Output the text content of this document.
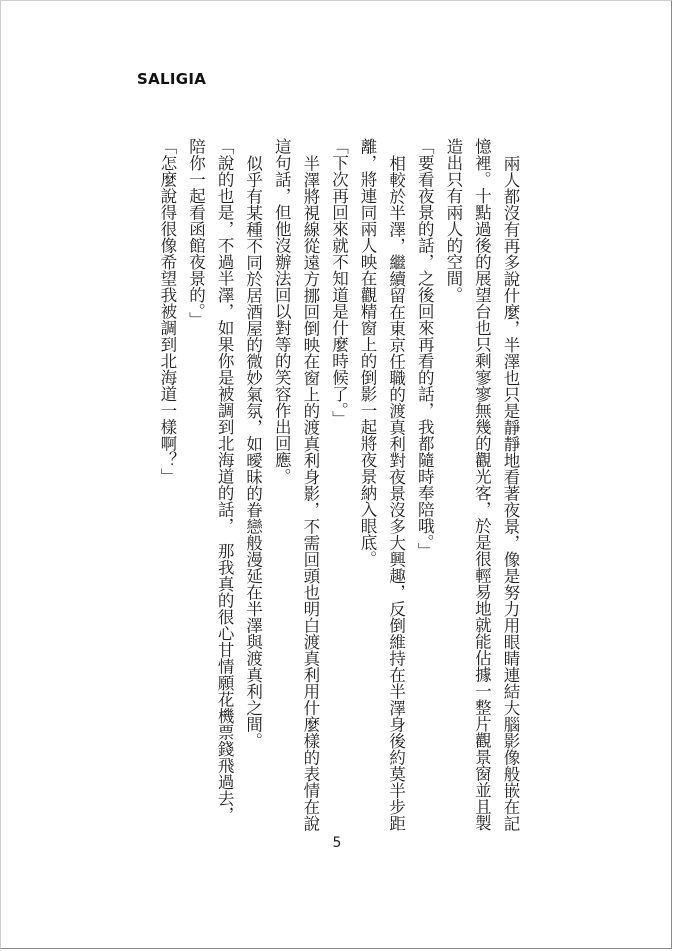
SALIGIA

兩人都沒有再多說什麼，半澤也只是靜靜地看著夜景，像是努力用眼睛連結大腦影像般嵌在記憶裡。十點過後的展望台也只剩寥寥無幾的觀光客，於是很輕易地就能佔據一整片觀景窗並且製造出只有兩人的空間。

「要看夜景的話，之後回來再看的話，我都隨時奉陪哦。」

相較於半澤，繼續留在東京任職的渡真利對夜景沒多大興趣，反倒維持在半澤身後約莫半步距離，將連同兩人映在觀精窗上的倒影一起將夜景納入眼底。

「下次再回來就不知道是什麼時候了。」

半澤將視線從遠方挪回倒映在窗上的渡真利身影，不需回頭也明白渡真利用什麼樣的表情在說這句話，但他沒辦法回以對等的笑容作出回應。

似乎有某種不同於居酒屋的微妙氣氛，如曖昧的眷戀般漫延在半澤與渡真利之間。

「說的也是，不過半澤，如果你是被調到北海道的話，　那我真的很心甘情願花機票錢飛過去，陪你一起看函館夜景的。」

「怎麼說得很像希望我被調到北海道一樣啊？」

5
